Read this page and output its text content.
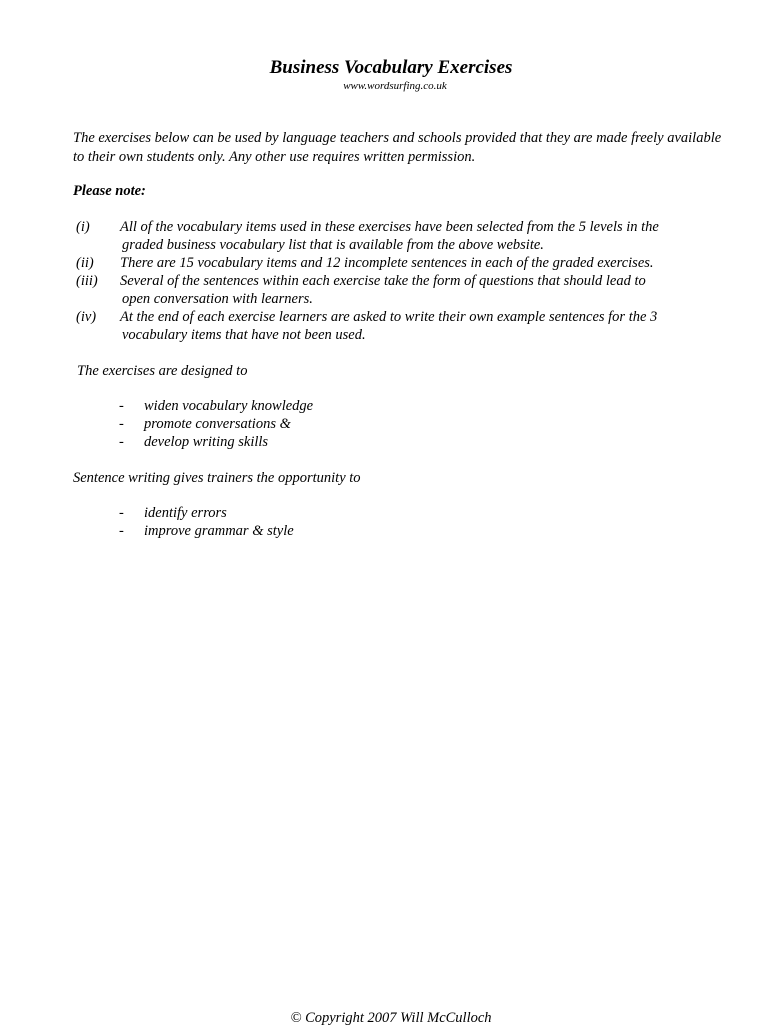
Business Vocabulary Exercises
www.wordsurfing.co.uk

The exercises below can be used by language teachers and schools provided that they are made freely available to their own students only. Any other use requires written permission.

Please note:

(i)	All of the vocabulary items used in these exercises have been selected from the 5 levels in the
graded business vocabulary list that is available from the above website.
(ii)	There are 15 vocabulary items and 12 incomplete sentences in each of the graded exercises.
(iii)	Several of the sentences within each exercise take the form of questions that should lead to
open conversation with learners.
(iv)	At the end of each exercise learners are asked to write their own example sentences for the 3
vocabulary items that have not been used.

The exercises are designed to

-	widen vocabulary knowledge
-	promote conversations &
-	develop writing skills

Sentence writing gives trainers the opportunity to

-	identify errors
-	improve grammar & style
© Copyright 2007 Will McCulloch
